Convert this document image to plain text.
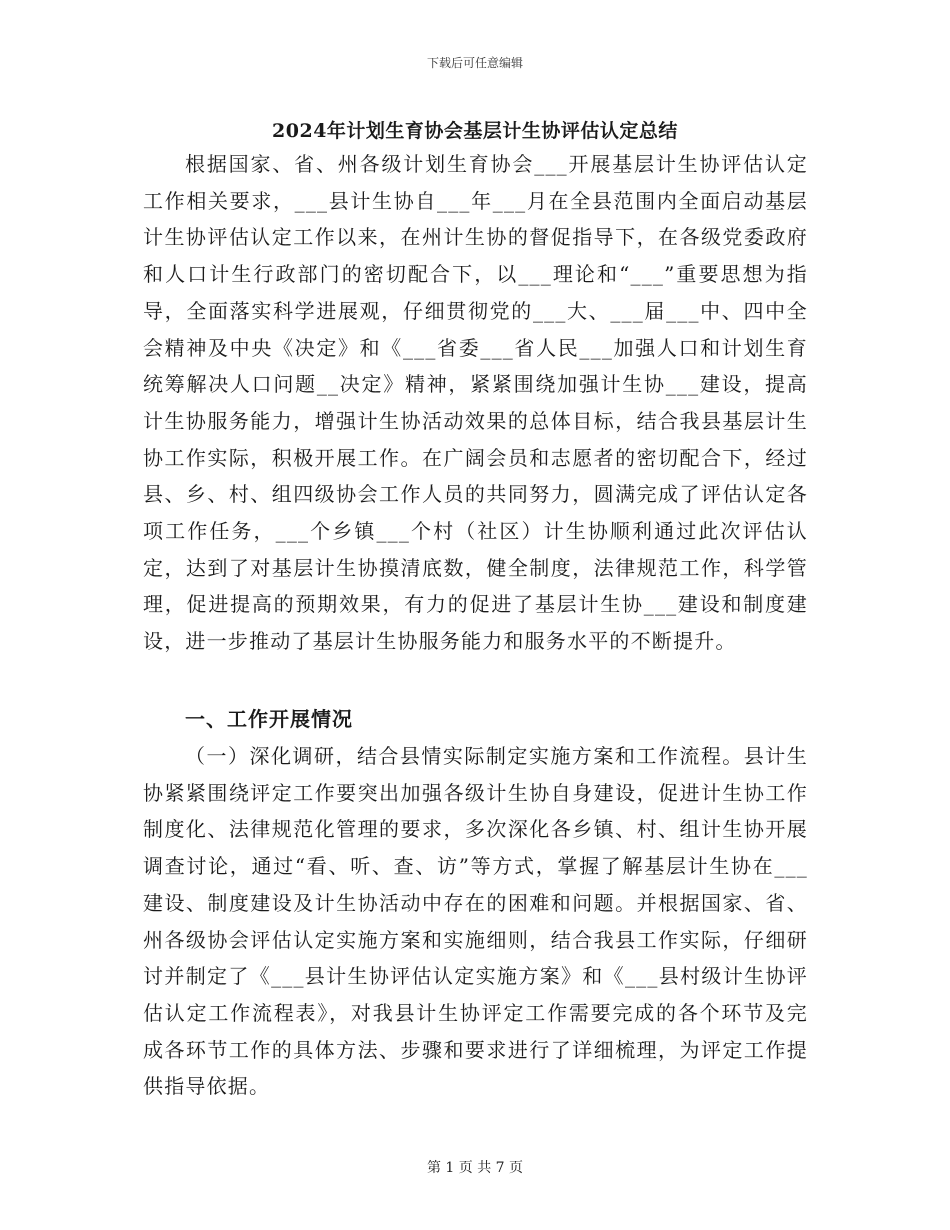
下载后可任意编辑
2024年计划生育协会基层计生协评估认定总结

根据国家、省、州各级计划生育协会___开展基层计生协评估认定工作相关要求，___县计生协自___年___月在全县范围内全面启动基层计生协评估认定工作以来，在州计生协的督促指导下，在各级党委政府和人口计生行政部门的密切配合下，以___理论和“___”重要思想为指导，全面落实科学进展观，仔细贯彻党的___大、___届___中、四中全会精神及中央《决定》和《___省委___省人民___加强人口和计划生育统筹解决人口问题__决定》精神，紧紧围绕加强计生协___建设，提高计生协服务能力，增强计生协活动效果的总体目标，结合我县基层计生协工作实际，积极开展工作。在广阔会员和志愿者的密切配合下，经过县、乡、村、组四级协会工作人员的共同努力，圆满完成了评估认定各项工作任务，___个乡镇___个村（社区）计生协顺利通过此次评估认定，达到了对基层计生协摸清底数，健全制度，法律规范工作，科学管理，促进提高的预期效果，有力的促进了基层计生协___建设和制度建设，进一步推动了基层计生协服务能力和服务水平的不断提升。

一、工作开展情况

（一）深化调研，结合县情实际制定实施方案和工作流程。县计生协紧紧围绕评定工作要突出加强各级计生协自身建设，促进计生协工作制度化、法律规范化管理的要求，多次深化各乡镇、村、组计生协开展调查讨论，通过“看、听、查、访”等方式，掌握了解基层计生协在___建设、制度建设及计生协活动中存在的困难和问题。并根据国家、省、州各级协会评估认定实施方案和实施细则，结合我县工作实际，仔细研讨并制定了《___县计生协评估认定实施方案》和《___县村级计生协评估认定工作流程表》，对我县计生协评定工作需要完成的各个环节及完成各环节工作的具体方法、步骤和要求进行了详细梳理，为评定工作提供指导依据。

第 1 页 共 7 页
